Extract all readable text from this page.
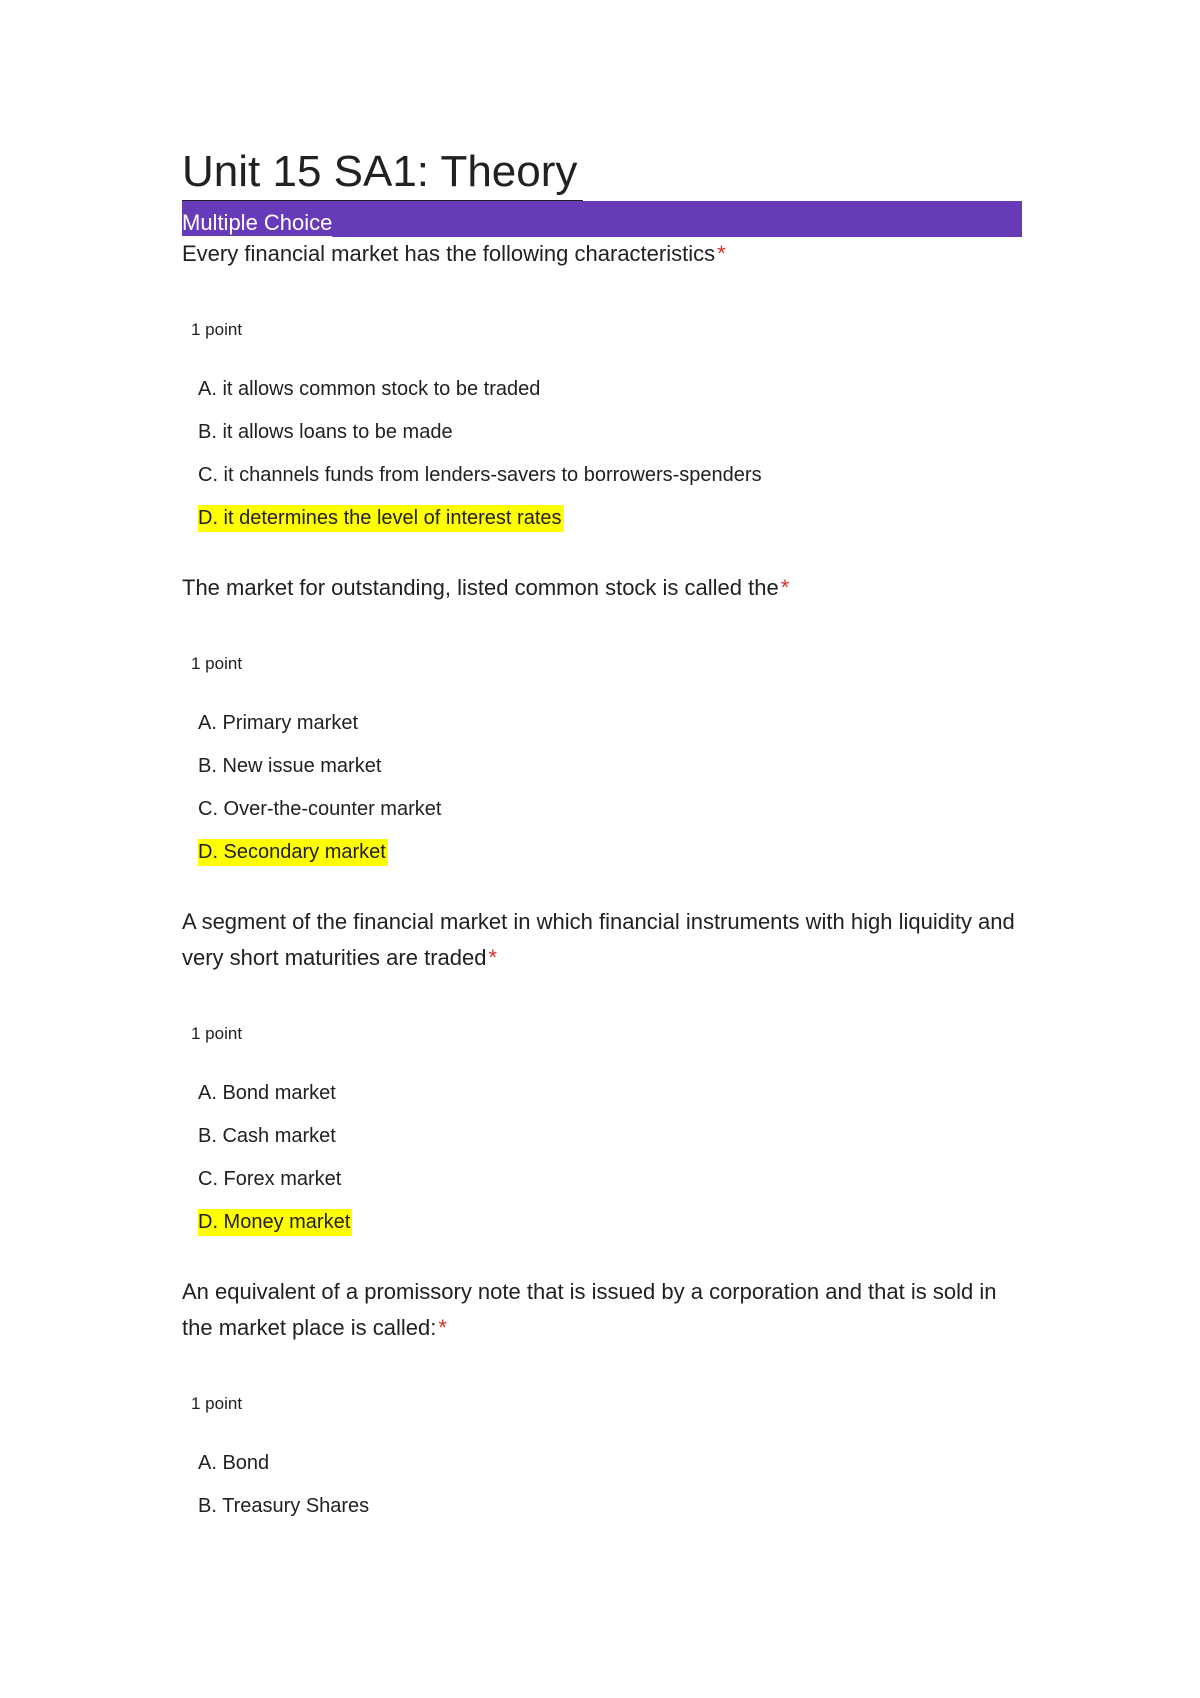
Unit 15 SA1: Theory
Multiple Choice

Every financial market has the following characteristics*

1 point
A. it allows common stock to be traded
B. it allows loans to be made
C. it channels funds from lenders-savers to borrowers-spenders
D. it determines the level of interest rates

The market for outstanding, listed common stock is called the*

1 point
A. Primary market
B. New issue market
C. Over-the-counter market
D. Secondary market

A segment of the financial market in which financial instruments with high liquidity and very short maturities are traded*

1 point
A. Bond market
B. Cash market
C. Forex market
D. Money market

An equivalent of a promissory note that is issued by a corporation and that is sold in the market place is called:*

1 point
A. Bond
B. Treasury Shares
